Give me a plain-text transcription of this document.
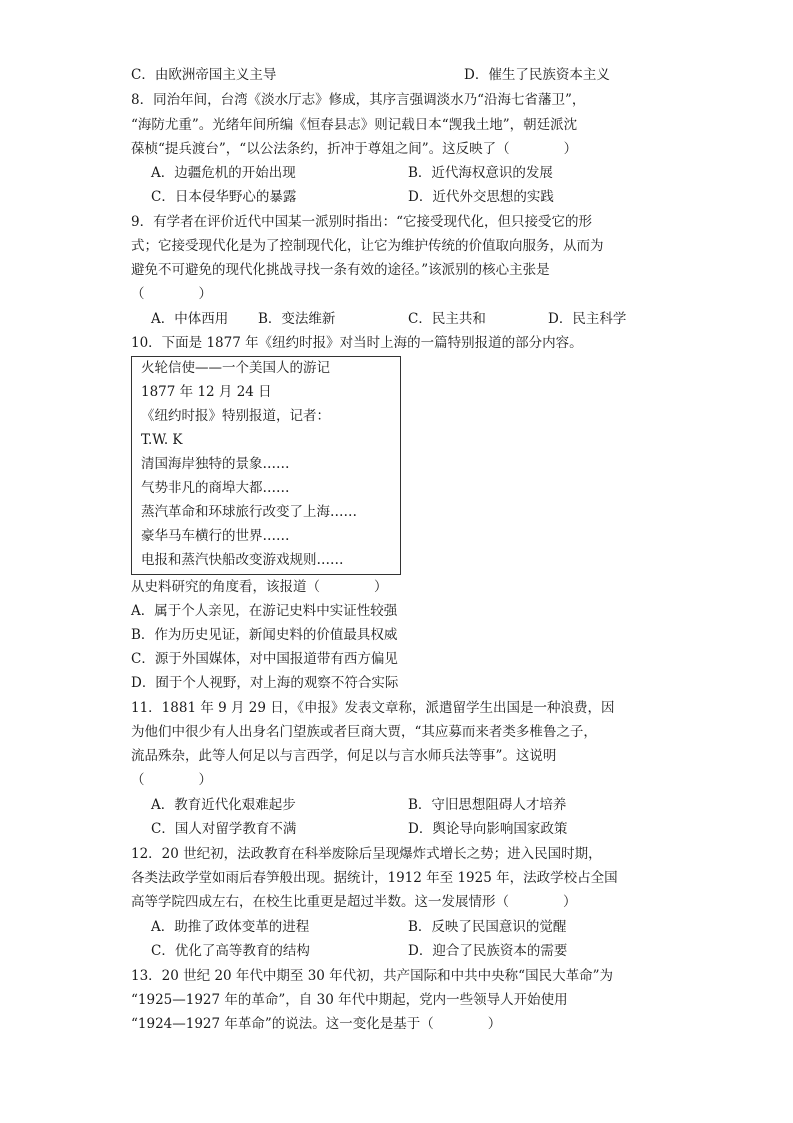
C．由欧洲帝国主义主导	D．催生了民族资本主义
8．同治年间，台湾《淡水厅志》修成，其序言强调淡水乃“沿海七省藩卫”，
“海防尤重”。光绪年间所编《恒春县志》则记载日本“觊我土地”，朝廷派沈
葆桢“提兵渡台”，“以公法条约，折冲于尊俎之间”。这反映了（　　　　）
A．边疆危机的开始出现	B．近代海权意识的发展
C．日本侵华野心的暴露	D．近代外交思想的实践
9．有学者在评价近代中国某一派别时指出：“它接受现代化，但只接受它的形
式；它接受现代化是为了控制现代化，让它为维护传统的价值取向服务，从而为
避免不可避免的现代化挑战寻找一条有效的途径。”该派别的核心主张是
（　　　　）
A．中体西用 B．变法维新	C．民主共和	D．民主科学
10．下面是 1877 年《纽约时报》对当时上海的一篇特别报道的部分内容。
火轮信使——一个美国人的游记
1877 年 12 月 24 日
《纽约时报》特别报道，记者：
T.W. K
清国海岸独特的景象……
气势非凡的商埠大都……
蒸汽革命和环球旅行改变了上海……
豪华马车横行的世界……
电报和蒸汽快船改变游戏规则……
从史料研究的角度看，该报道（　　　　）
A．属于个人亲见，在游记史料中实证性较强
B．作为历史见证，新闻史料的价值最具权威
C．源于外国媒体，对中国报道带有西方偏见
D．囿于个人视野，对上海的观察不符合实际
11．1881 年 9 月 29 日，《申报》发表文章称，派遣留学生出国是一种浪费，因
为他们中很少有人出身名门望族或者巨商大贾，“其应募而来者类多椎鲁之子，
流品殊杂，此等人何足以与言西学，何足以与言水师兵法等事”。这说明
（　　　　）
A．教育近代化艰难起步	B．守旧思想阻碍人才培养
C．国人对留学教育不满	D．舆论导向影响国家政策
12．20 世纪初，法政教育在科举废除后呈现爆炸式增长之势；进入民国时期，
各类法政学堂如雨后春笋般出现。据统计，1912 年至 1925 年，法政学校占全国
高等学院四成左右，在校生比重更是超过半数。这一发展情形（　　　　）
A．助推了政体变革的进程	B．反映了民国意识的觉醒
C．优化了高等教育的结构	D．迎合了民族资本的需要
13．20 世纪 20 年代中期至 30 年代初，共产国际和中共中央称“国民大革命”为
“1925—1927 年的革命”，自 30 年代中期起，党内一些领导人开始使用
“1924—1927 年革命”的说法。这一变化是基于（　　　　）
